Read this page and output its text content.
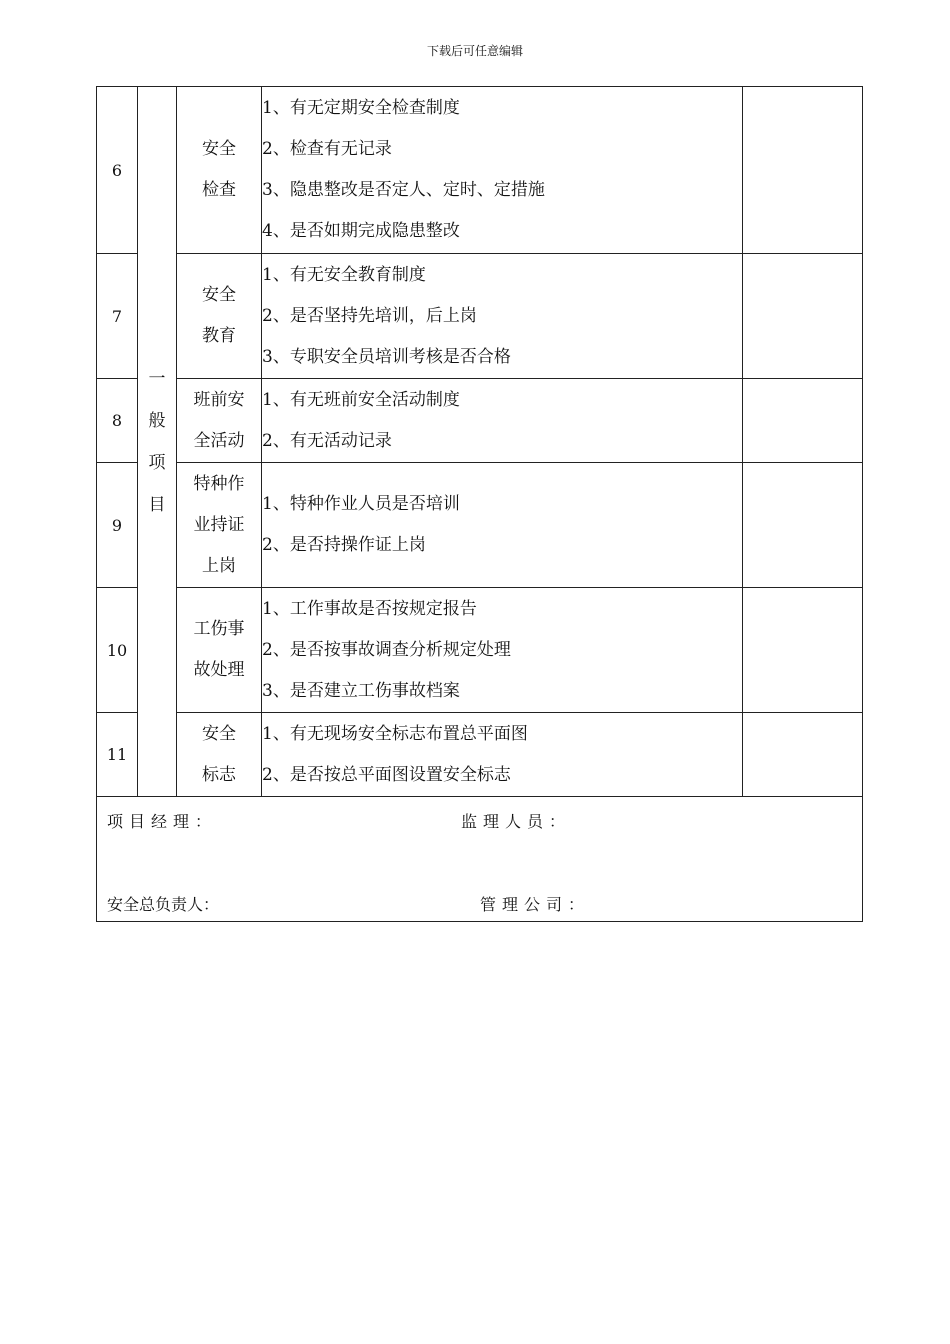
下载后可任意编辑
6	一
般
项
目	安全
检查	1、有无定期安全检查制度
2、检查有无记录
3、隐患整改是否定人、定时、定措施
4、是否如期完成隐患整改	

7		安全
教育	1、有无安全教育制度
2、是否坚持先培训，后上岗
3、专职安全员培训考核是否合格	

8		班前安
全活动	1、有无班前安全活动制度
2、有无活动记录	

9		特种作
业持证
上岗	1、特种作业人员是否培训
2、是否持操作证上岗	

10		工伤事
故处理	1、工作事故是否按规定报告
2、是否按事故调查分析规定处理
3、是否建立工伤事故档案	

11		安全
标志	1、有无现场安全标志布置总平面图
2、是否按总平面图设置安全标志	

项目经理： 监理人员：
安全总负责人： 管理公司：				
